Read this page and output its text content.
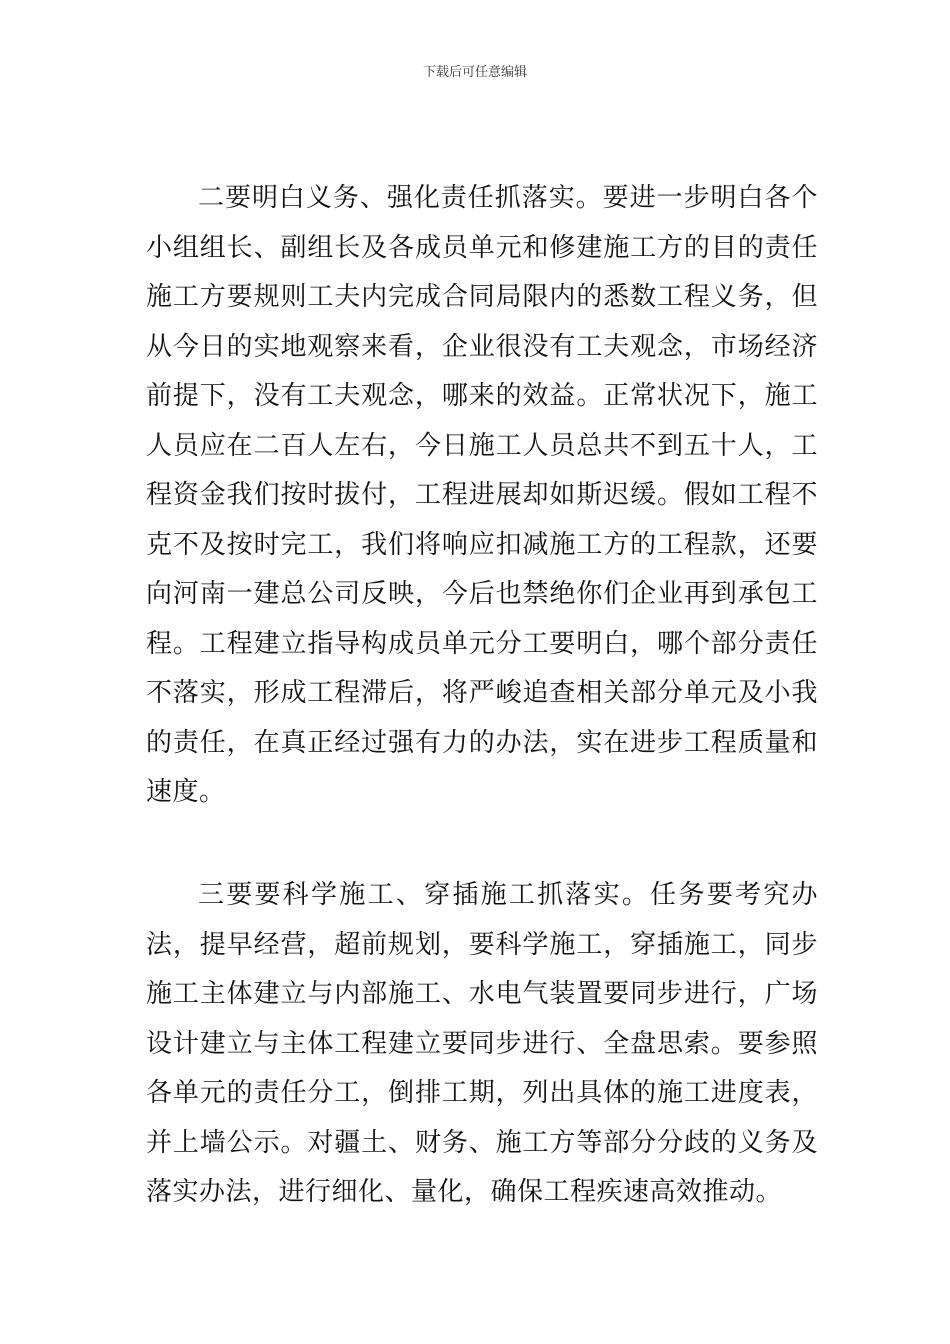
下载后可任意编辑

二要明白义务、强化责任抓落实。要进一步明白各个小组组长、副组长及各成员单元和修建施工方的目的责任施工方要规则工夫内完成合同局限内的悉数工程义务，但从今日的实地观察来看，企业很没有工夫观念，市场经济前提下，没有工夫观念，哪来的效益。正常状况下，施工人员应在二百人左右，今日施工人员总共不到五十人，工程资金我们按时拔付，工程进展却如斯迟缓。假如工程不克不及按时完工，我们将响应扣减施工方的工程款，还要向河南一建总公司反映，今后也禁绝你们企业再到承包工程。工程建立指导构成员单元分工要明白，哪个部分责任不落实，形成工程滞后，将严峻追查相关部分单元及小我的责任，在真正经过强有力的办法，实在进步工程质量和速度。

三要要科学施工、穿插施工抓落实。任务要考究办法，提早经营，超前规划，要科学施工，穿插施工，同步施工主体建立与内部施工、水电气装置要同步进行，广场设计建立与主体工程建立要同步进行、全盘思索。要参照各单元的责任分工，倒排工期，列出具体的施工进度表，并上墙公示。对疆土、财务、施工方等部分分歧的义务及落实办法，进行细化、量化，确保工程疾速高效推动。
